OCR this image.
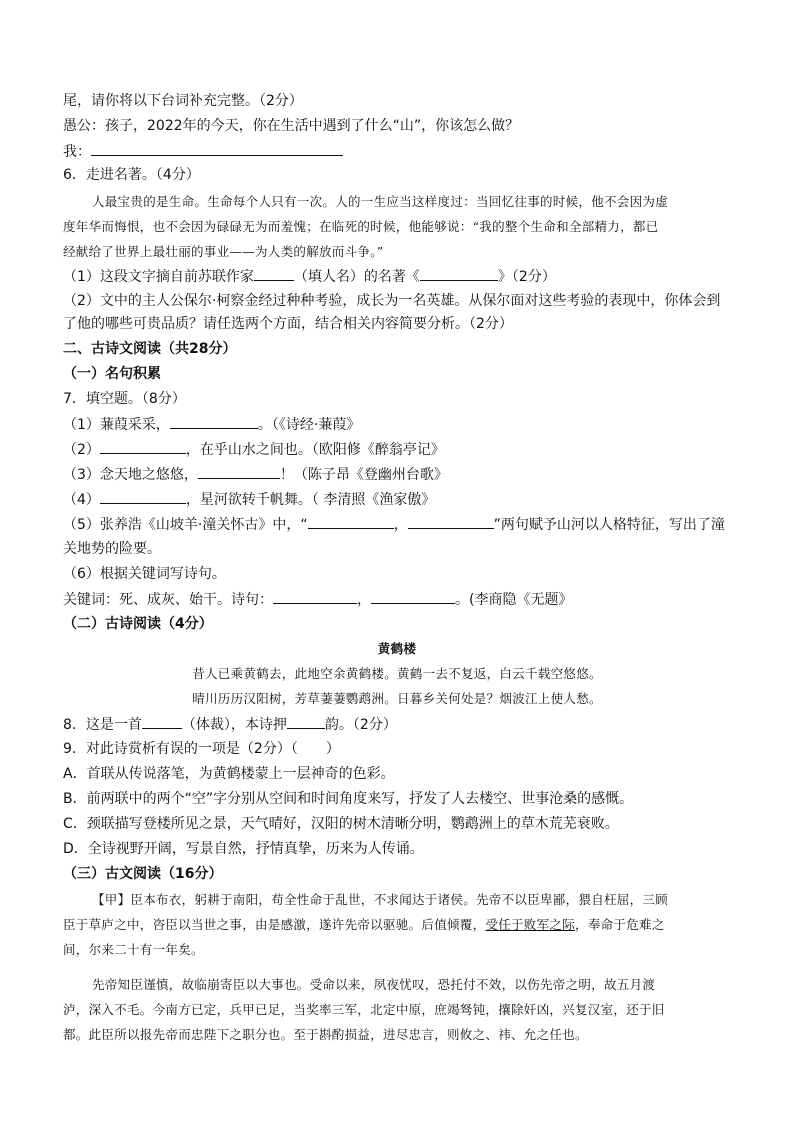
尾，请你将以下台词补充完整。（2分）
愚公：孩子，2022年的今天，你在生活中遇到了什么“山”，你该怎么做？
我：
6．走进名著。（4分）
人最宝贵的是生命。生命每个人只有一次。人的一生应当这样度过：当回忆往事的时候，他不会因为虚
度年华而悔恨，也不会因为碌碌无为而羞愧；在临死的时候，他能够说：“我的整个生命和全部精力，都已
经献给了世界上最壮丽的事业——为人类的解放而斗争。”
（1）这段文字摘自前苏联作家	（填人名）的名著《	》（2分）
（2）文中的主人公保尔·柯察金经过种种考验，成长为一名英雄。从保尔面对这些考验的表现中，你体会到
了他的哪些可贵品质？请任选两个方面，结合相关内容简要分析。（2分）
二、古诗文阅读（共28分）
（一）名句积累
7．填空题。（8分）
（1）蒹葭采采，	。（《诗经·蒹葭》
（2）	，在乎山水之间也。（欧阳修《醉翁亭记》
（3）念天地之悠悠，	！（陈子昂《登幽州台歌》
（4）	，星河欲转千帆舞。（ 李清照《渔家傲》
（5）张养浩《山坡羊·潼关怀古》中，“	，	”两句赋予山河以人格特征，写出了潼
关地势的险要。
（6）根据关键词写诗句。
关键词：死、成灰、始干。诗句：	，	。(李商隐《无题》
（二）古诗阅读（4分）
黄鹤楼
昔人已乘黄鹤去，此地空余黄鹤楼。黄鹤一去不复返，白云千载空悠悠。
晴川历历汉阳树，芳草萋萋鹦鹉洲。日暮乡关何处是？烟波江上使人愁。
8．这是一首	（体裁），本诗押	韵。（2分）
9．对此诗赏析有误的一项是（2分）（　　）
A．首联从传说落笔，为黄鹤楼蒙上一层神奇的色彩。
B．前两联中的两个“空”字分别从空间和时间角度来写，抒发了人去楼空、世事沧桑的感慨。
C．颈联描写登楼所见之景，天气晴好，汉阳的树木清晰分明，鹦鹉洲上的草木荒芜衰败。
D．全诗视野开阔，写景自然，抒情真挚，历来为人传诵。
（三）古文阅读（16分）
【甲】臣本布衣，躬耕于南阳，苟全性命于乱世，不求闻达于诸侯。先帝不以臣卑鄙，猥自枉屈，三顾
臣于草庐之中，咨臣以当世之事，由是感激，遂许先帝以驱驰。后值倾覆，受任于败军之际，奉命于危难之
间，尔来二十有一年矣。
先帝知臣谨慎，故临崩寄臣以大事也。受命以来，夙夜忧叹，恐托付不效，以伤先帝之明，故五月渡
泸，深入不毛。今南方已定，兵甲已足，当奖率三军，北定中原，庶竭驽钝，攘除奸凶，兴复汉室，还于旧
都。此臣所以报先帝而忠陛下之职分也。至于斟酌损益，进尽忠言，则攸之、祎、允之任也。
